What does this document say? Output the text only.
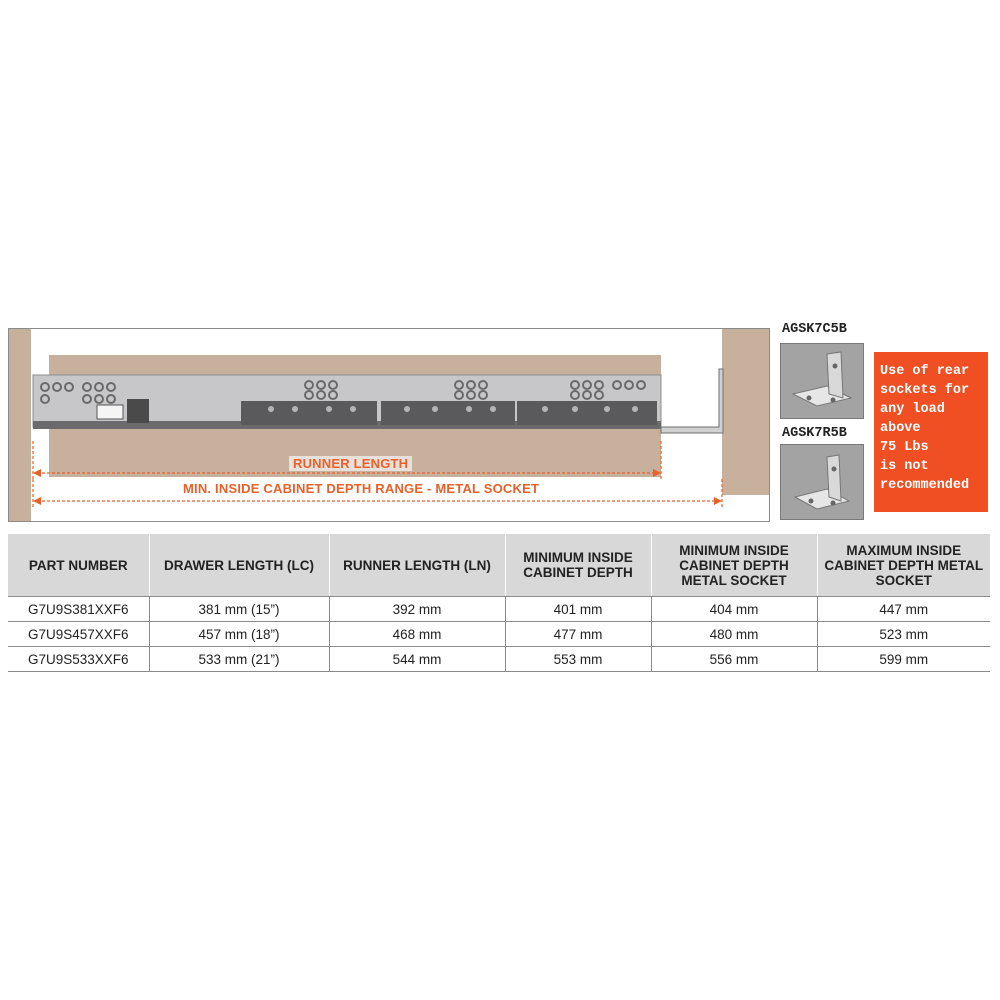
RUNNER LENGTH
MIN. INSIDE CABINET DEPTH RANGE - METAL SOCKET
AGSK7C5B
AGSK7R5B
Use of rear
sockets for
any load
above
75 Lbs
is not
recommended
PART NUMBER	DRAWER LENGTH (LC)	RUNNER LENGTH (LN)	MINIMUM INSIDE CABINET DEPTH	MINIMUM INSIDE CABINET DEPTH METAL SOCKET	MAXIMUM INSIDE CABINET DEPTH METAL SOCKET
G7U9S381XXF6	381 mm (15”)	392 mm	401 mm	404 mm	447 mm
G7U9S457XXF6	457 mm (18”)	468 mm	477 mm	480 mm	523 mm
G7U9S533XXF6	533 mm (21”)	544 mm	553 mm	556 mm	599 mm
